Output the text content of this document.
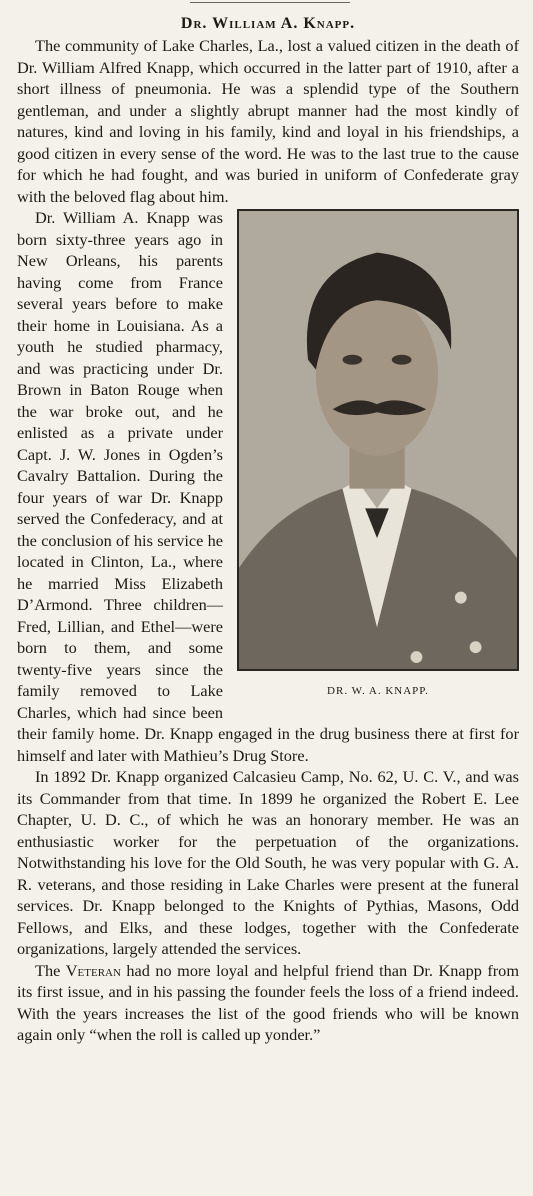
Dr. William A. Knapp.

The community of Lake Charles, La., lost a valued citizen in the death of Dr. William Alfred Knapp, which occurred in the latter part of 1910, after a short illness of pneumonia. He was a splendid type of the Southern gentleman, and under a slightly abrupt manner had the most kindly of natures, kind and loving in his family, kind and loyal in his friendships, a good citizen in every sense of the word. He was to the last true to the cause for which he had fought, and was buried in uniform of Confederate gray with the beloved flag about him.

DR. W. A. KNAPP.

Dr. William A. Knapp was born sixty-three years ago in New Orleans, his parents having come from France several years before to make their home in Louisiana. As a youth he studied pharmacy, and was practicing under Dr. Brown in Baton Rouge when the war broke out, and he enlisted as a private under Capt. J. W. Jones in Ogden’s Cavalry Battalion. During the four years of war Dr. Knapp served the Confederacy, and at the conclusion of his service he located in Clinton, La., where he married Miss Elizabeth D’Armond. Three children—Fred, Lillian, and Ethel—were born to them, and some twenty-five years since the family removed to Lake Charles, which had since been their family home. Dr. Knapp engaged in the drug business there at first for himself and later with Mathieu’s Drug Store.

In 1892 Dr. Knapp organized Calcasieu Camp, No. 62, U. C. V., and was its Commander from that time. In 1899 he organized the Robert E. Lee Chapter, U. D. C., of which he was an honorary member. He was an enthusiastic worker for the perpetuation of the organizations. Notwithstanding his love for the Old South, he was very popular with G. A. R. veterans, and those residing in Lake Charles were present at the funeral services. Dr. Knapp belonged to the Knights of Pythias, Masons, Odd Fellows, and Elks, and these lodges, together with the Confederate organizations, largely attended the services.

The Veteran had no more loyal and helpful friend than Dr. Knapp from its first issue, and in his passing the founder feels the loss of a friend indeed. With the years increases the list of the good friends who will be known again only “when the roll is called up yonder.”
